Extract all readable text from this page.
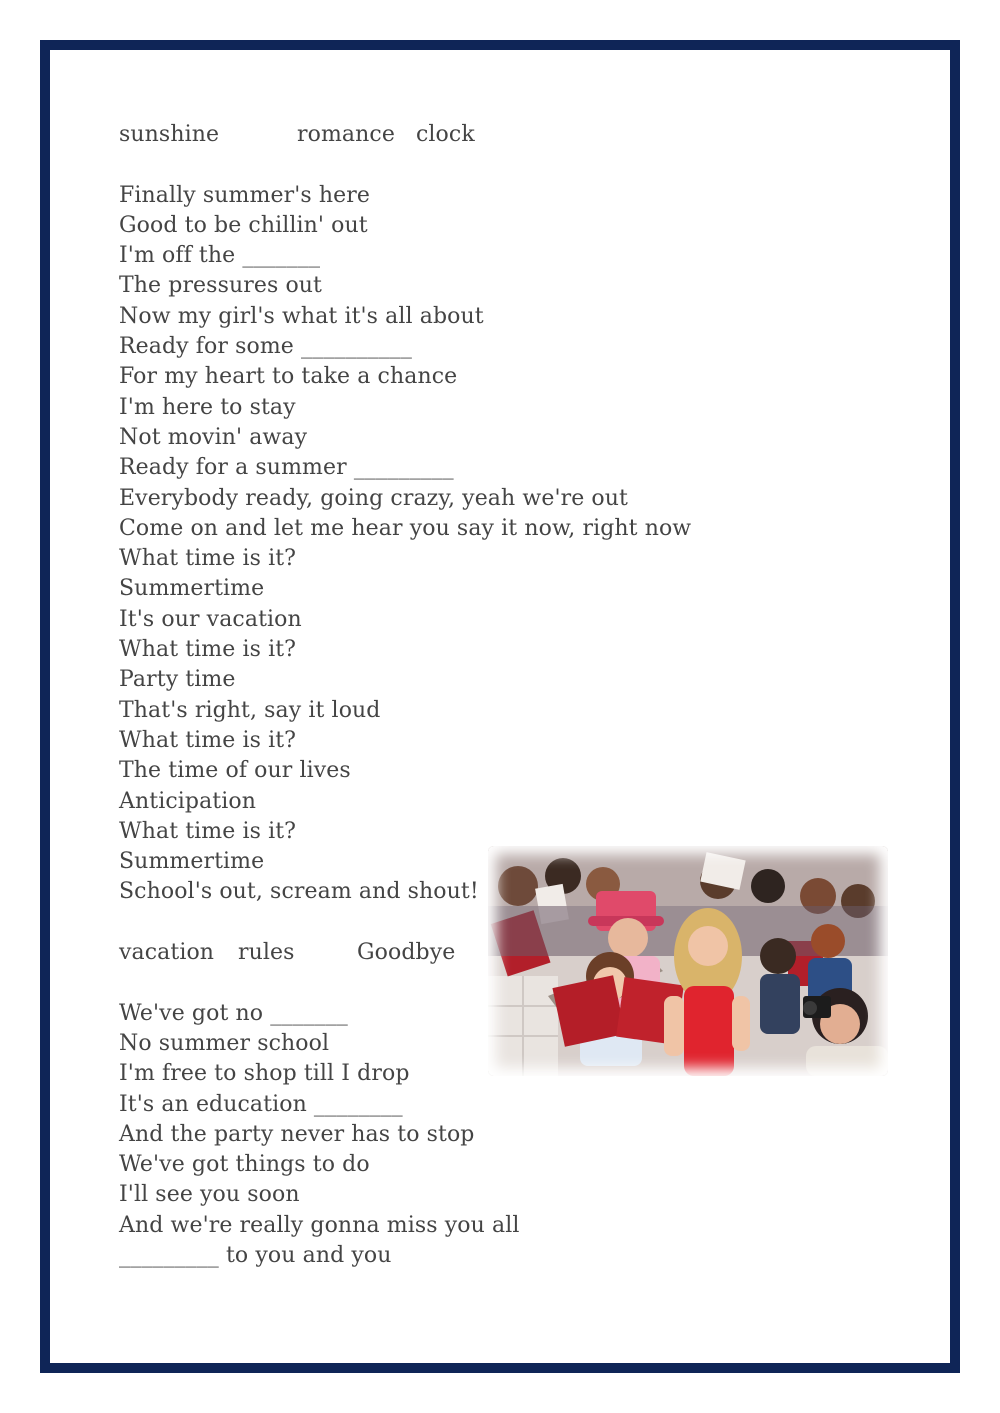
sunshine	romance clock
Finally summer's here
Good to be chillin' out
I'm off the _______
The pressures out
Now my girl's what it's all about
Ready for some __________
For my heart to take a chance
I'm here to stay
Not movin' away
Ready for a summer _________
Everybody ready, going crazy, yeah we're out
Come on and let me hear you say it now, right now
What time is it?
Summertime
It's our vacation
What time is it?
Party time
That's right, say it loud
What time is it?
The time of our lives
Anticipation
What time is it?
Summertime
School's out, scream and shout!
vacation rules	Goodbye
We've got no _______
No summer school
I'm free to shop till I drop
It's an education ________
And the party never has to stop
We've got things to do
I'll see you soon
And we're really gonna miss you all
_________ to you and you
